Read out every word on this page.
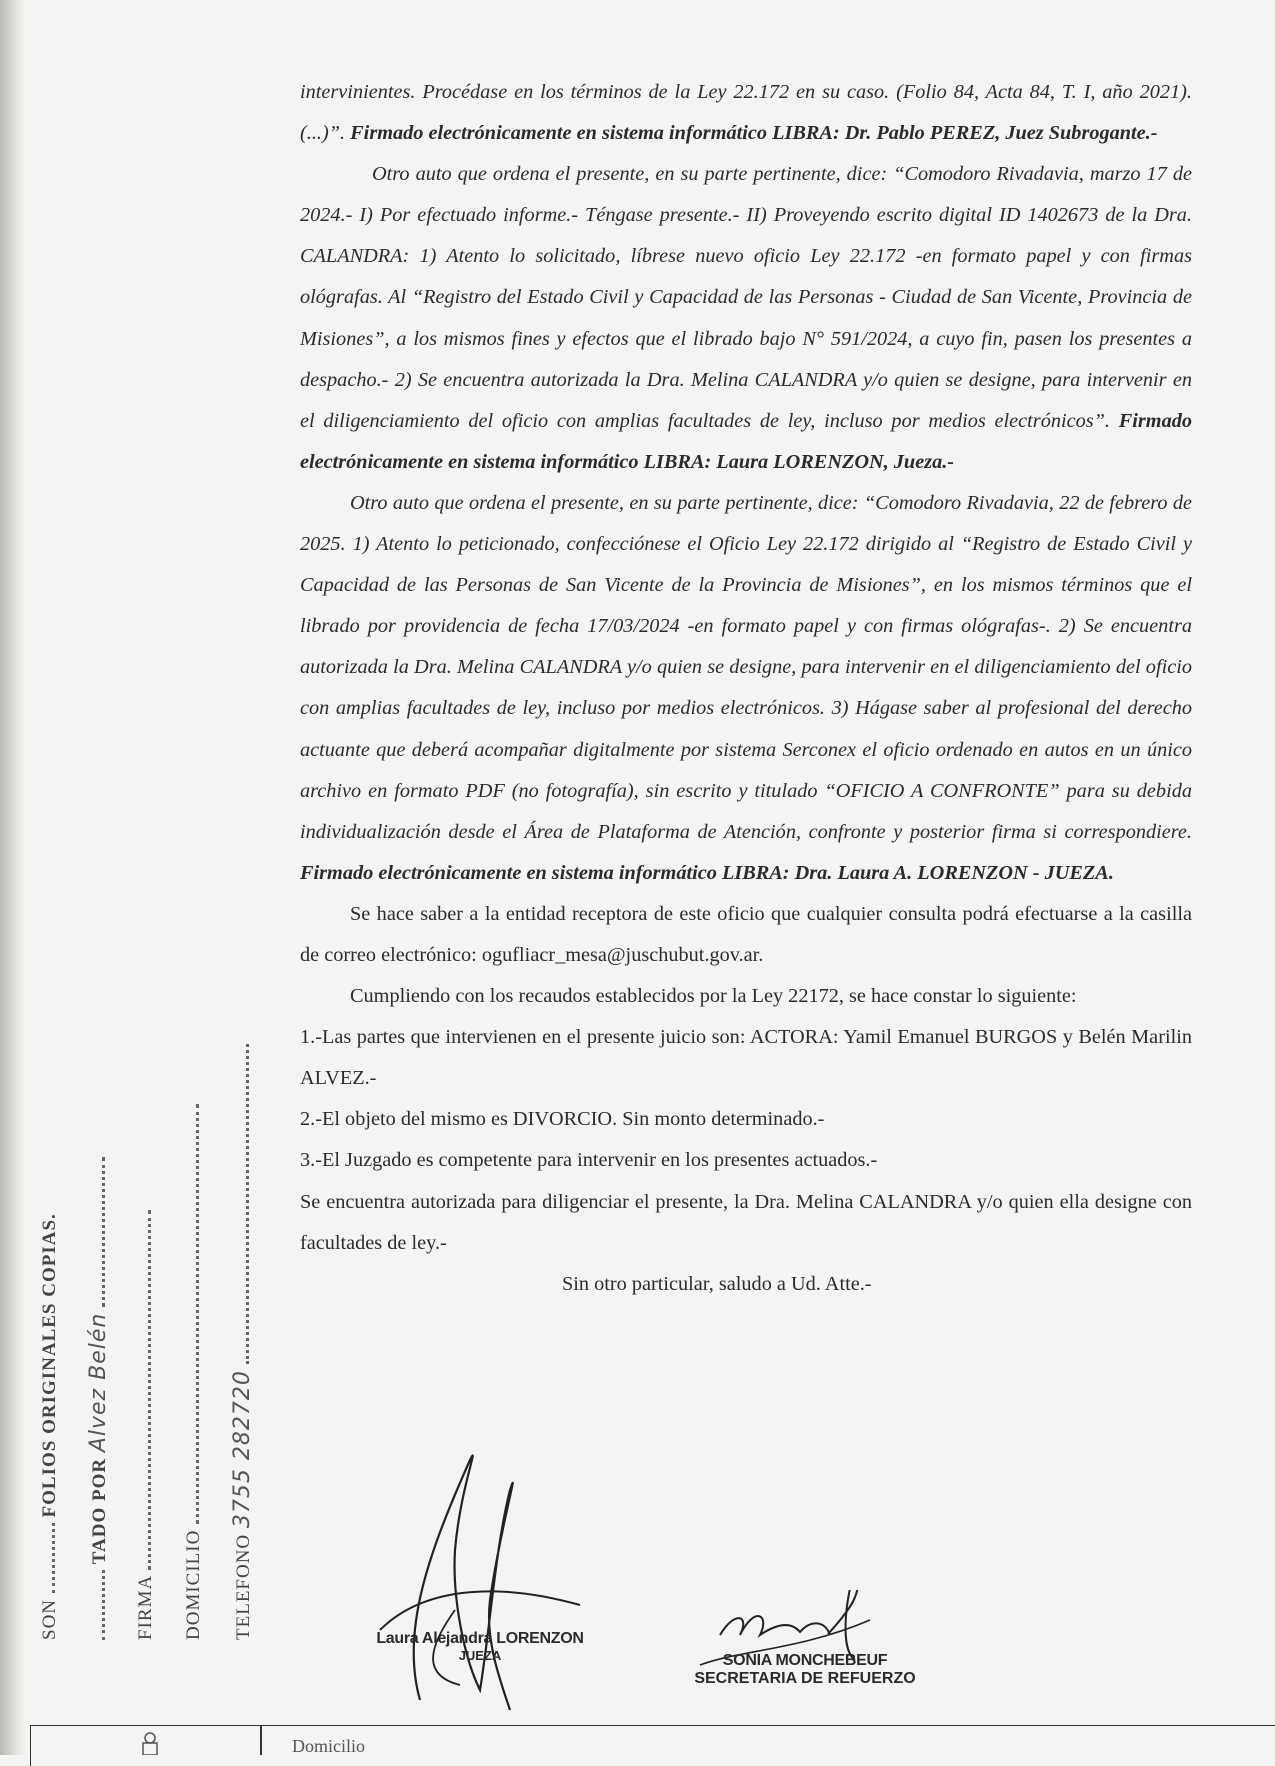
intervinientes. Procédase en los términos de la Ley 22.172 en su caso. (Folio 84, Acta 84, T. I, año 2021).(...)”. Firmado electrónicamente en sistema informático LIBRA: Dr. Pablo PEREZ, Juez Subrogante.-

Otro auto que ordena el presente, en su parte pertinente, dice: “Comodoro Rivadavia, marzo 17 de 2024.- I) Por efectuado informe.- Téngase presente.- II) Proveyendo escrito digital ID 1402673 de la Dra. CALANDRA: 1) Atento lo solicitado, líbrese nuevo oficio Ley 22.172 -en formato papel y con firmas ológrafas. Al “Registro del Estado Civil y Capacidad de las Personas - Ciudad de San Vicente, Provincia de Misiones”, a los mismos fines y efectos que el librado bajo N° 591/2024, a cuyo fin, pasen los presentes a despacho.- 2) Se encuentra autorizada la Dra. Melina CALANDRA y/o quien se designe, para intervenir en el diligenciamiento del oficio con amplias facultades de ley, incluso por medios electrónicos”. Firmado electrónicamente en sistema informático LIBRA: Laura LORENZON, Jueza.-

Otro auto que ordena el presente, en su parte pertinente, dice: “Comodoro Rivadavia, 22 de febrero de 2025. 1) Atento lo peticionado, confecciónese el Oficio Ley 22.172 dirigido al “Registro de Estado Civil y Capacidad de las Personas de San Vicente de la Provincia de Misiones”, en los mismos términos que el librado por providencia de fecha 17/03/2024 -en formato papel y con firmas ológrafas-. 2) Se encuentra autorizada la Dra. Melina CALANDRA y/o quien se designe, para intervenir en el diligenciamiento del oficio con amplias facultades de ley, incluso por medios electrónicos. 3) Hágase saber al profesional del derecho actuante que deberá acompañar digitalmente por sistema Serconex el oficio ordenado en autos en un único archivo en formato PDF (no fotografía), sin escrito y titulado “OFICIO A CONFRONTE” para su debida individualización desde el Área de Plataforma de Atención, confronte y posterior firma si correspondiere. Firmado electrónicamente en sistema informático LIBRA: Dra. Laura A. LORENZON - JUEZA.

Se hace saber a la entidad receptora de este oficio que cualquier consulta podrá efectuarse a la casilla de correo electrónico: ogufliacr_mesa@juschubut.gov.ar.

Cumpliendo con los recaudos establecidos por la Ley 22172, se hace constar lo siguiente:

1.-Las partes que intervienen en el presente juicio son: ACTORA: Yamil Emanuel BURGOS y Belén Marilin ALVEZ.-

2.-El objeto del mismo es DIVORCIO. Sin monto determinado.-

3.-El Juzgado es competente para intervenir en los presentes actuados.-

Se encuentra autorizada para diligenciar el presente, la Dra. Melina CALANDRA y/o quien ella designe con facultades de ley.-

Sin otro particular, saludo a Ud. Atte.-

Laura Alejandra LORENZON
JUEZA	SONIA MONCHEBEUF
SECRETARIA DE REFUERZO
SON  FOLIOS ORIGINALES COPIAS. TADO POR Alvez Belén
FIRMA DOMICILIO TELEFONO 3755 282720
Domicilio
